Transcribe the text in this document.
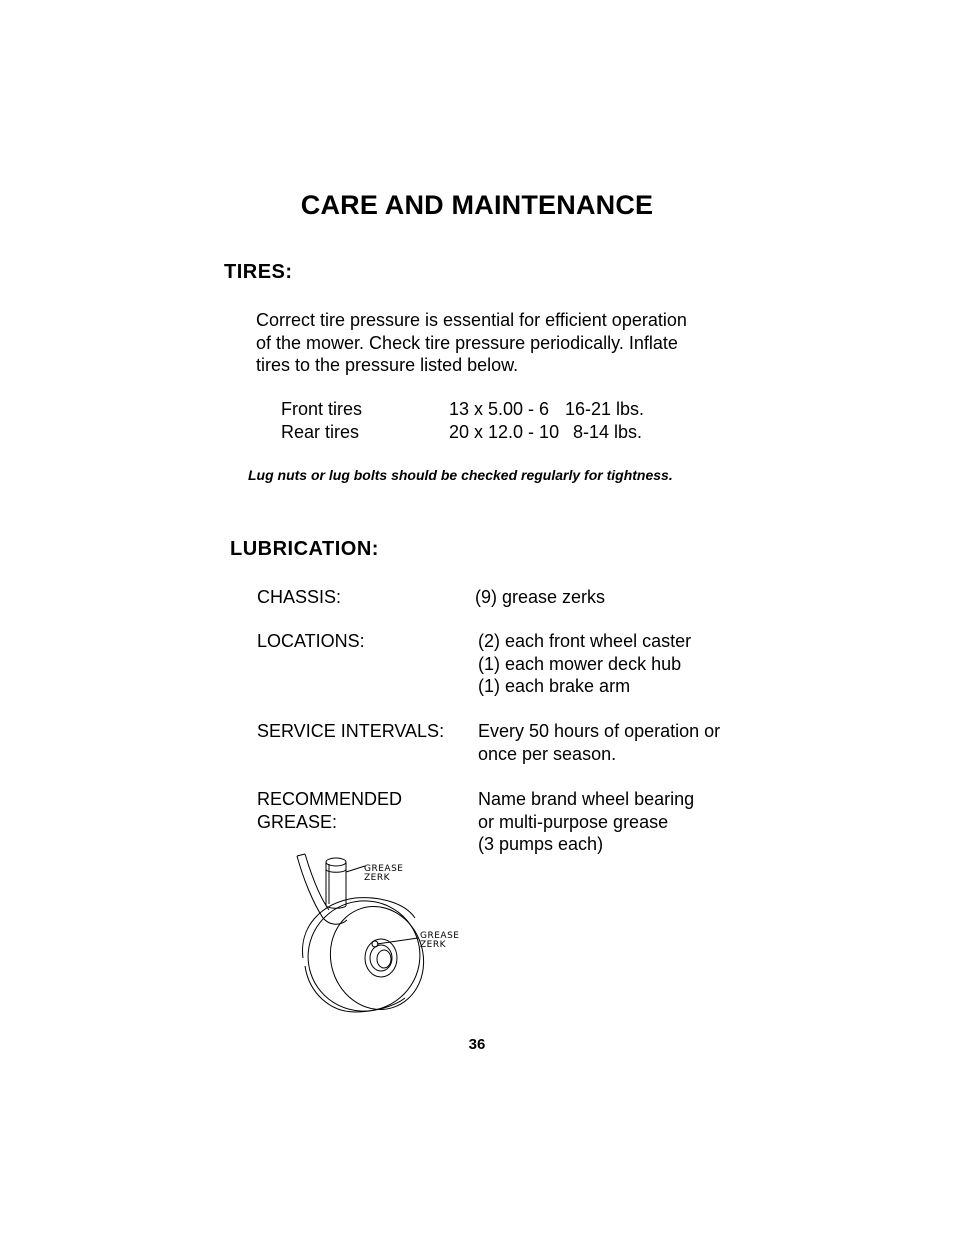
CARE AND MAINTENANCE
TIRES:
Correct tire pressure is essential for efficient operation
of the mower. Check tire pressure periodically. Inflate
tires to the pressure listed below.
Front tires	13 x 5.00 - 6 16-21 lbs.
Rear tires	20 x 12.0 - 10 8-14 lbs.
Lug nuts or lug bolts should be checked regularly for tightness.
LUBRICATION:
CHASSIS:	(9) grease zerks
LOCATIONS:	(2) each front wheel caster
(1) each mower deck hub
(1) each brake arm
SERVICE INTERVALS: Every 50 hours of operation or
once per season.
RECOMMENDED
GREASE:
Name brand wheel bearing
or multi-purpose grease
(3 pumps each)
GREASE
ZERK
GREASE
ZERK
36
